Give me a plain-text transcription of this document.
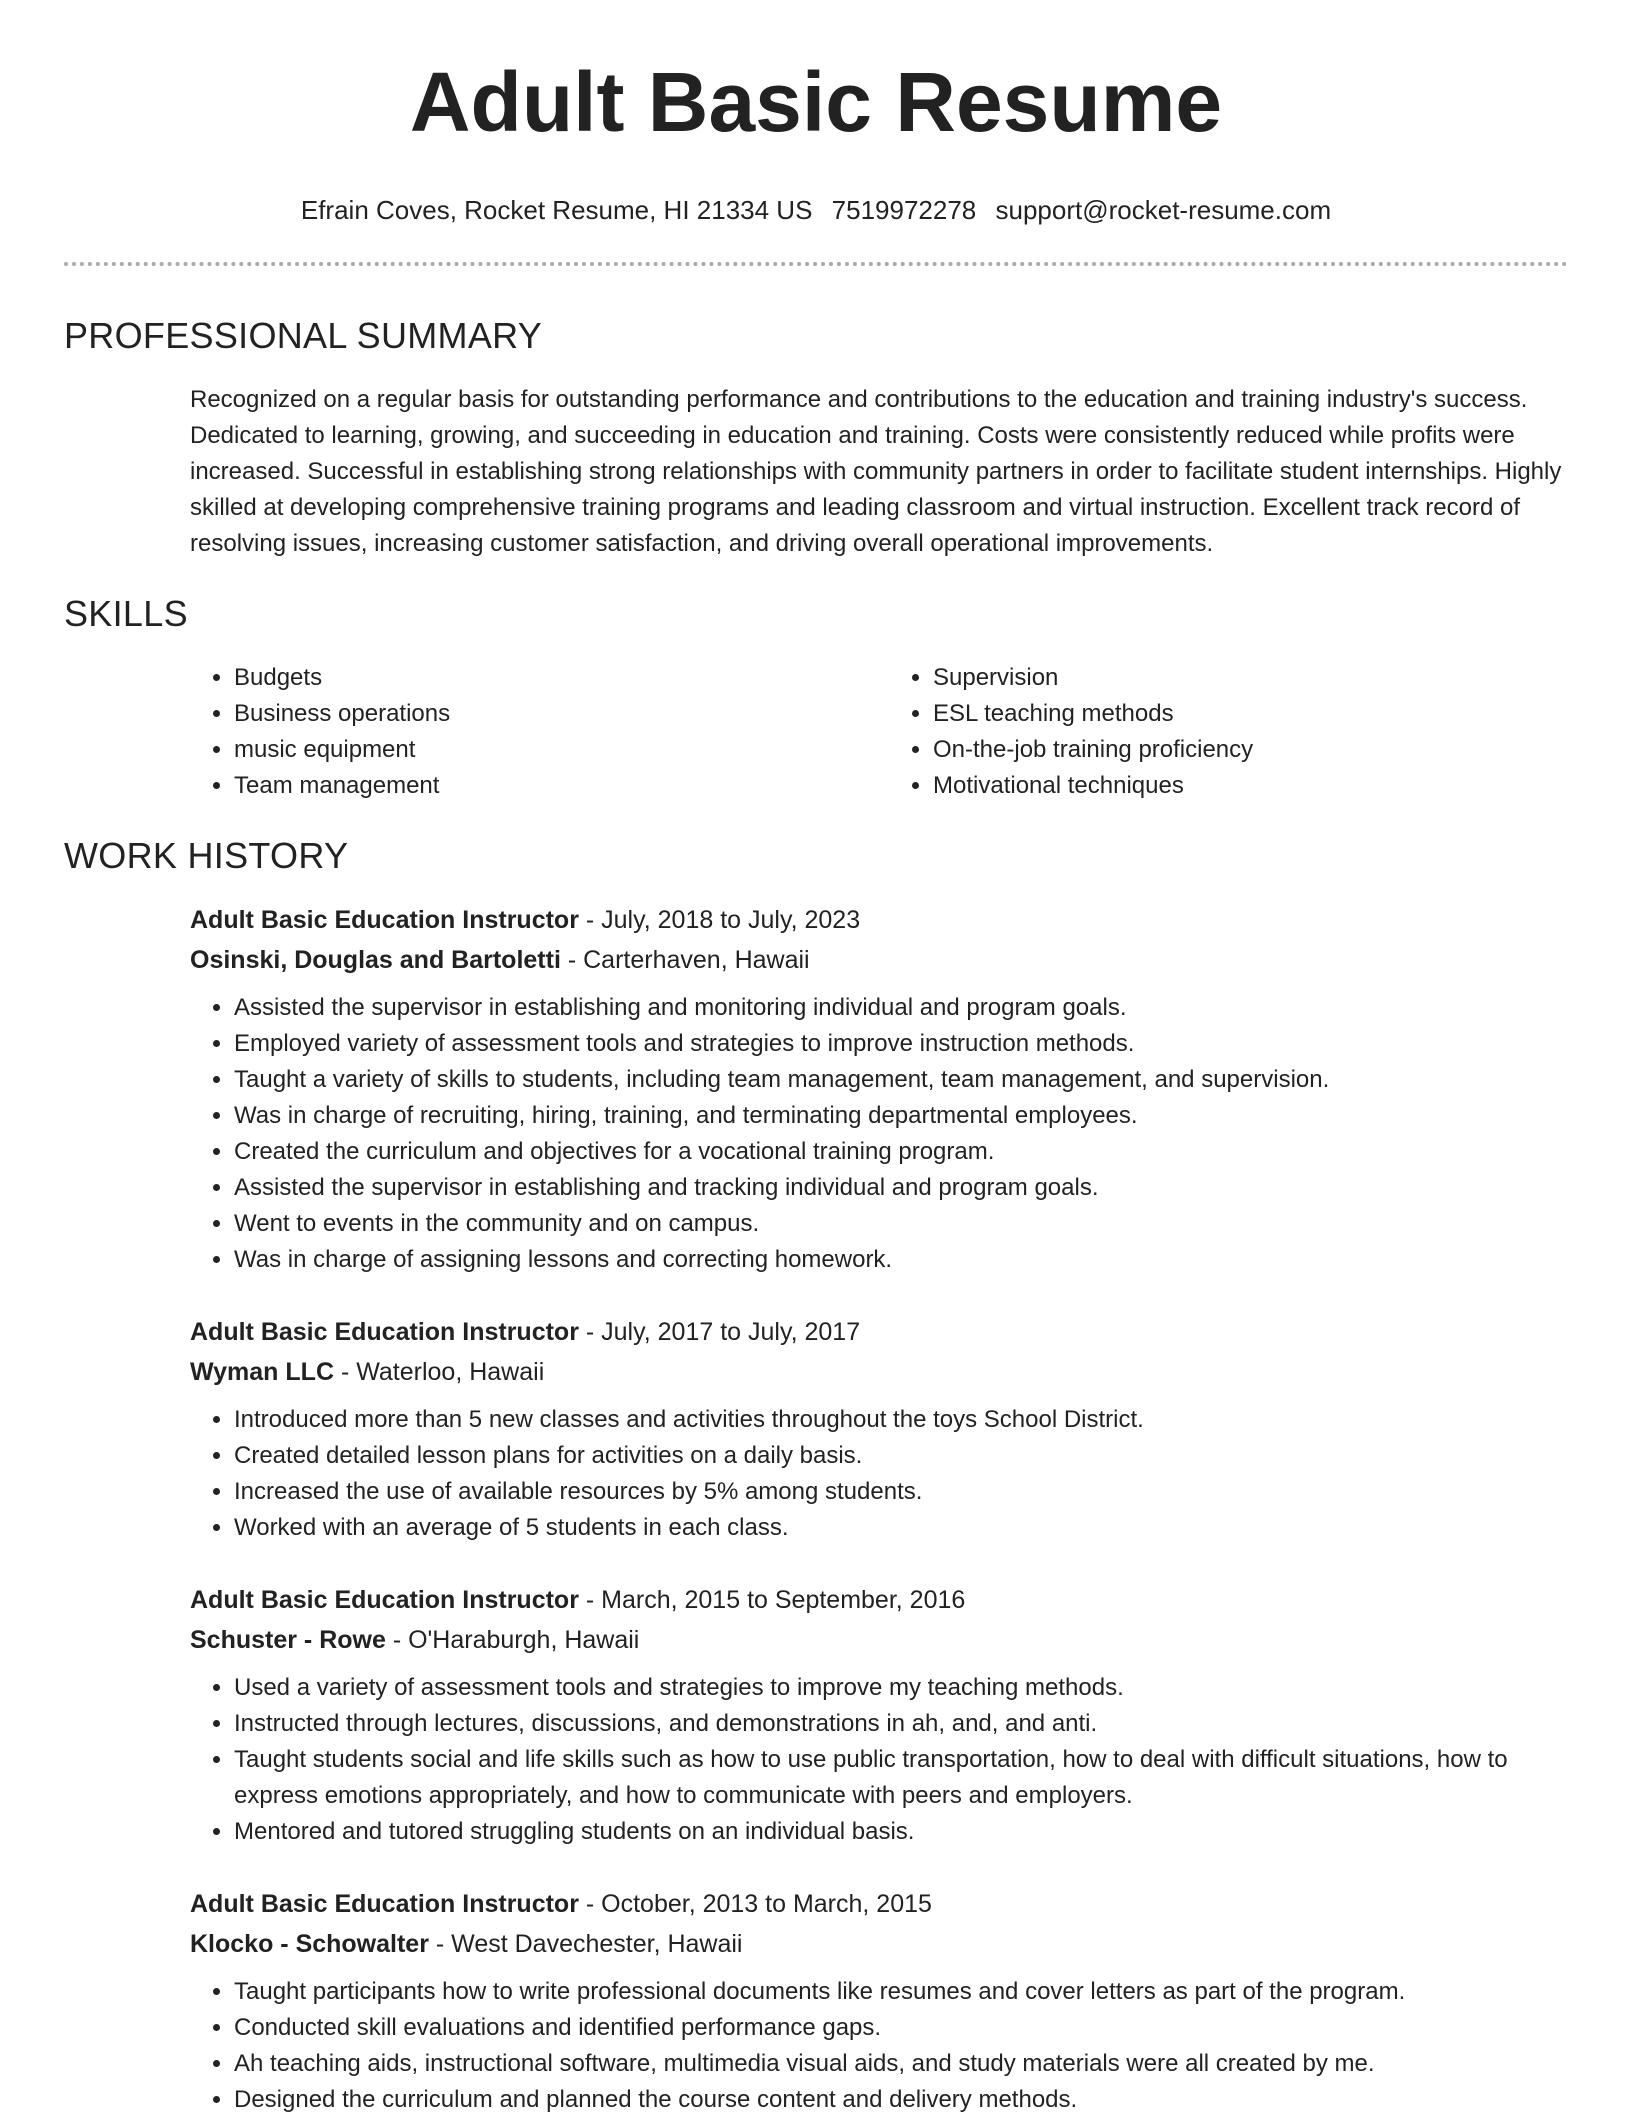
Adult Basic Resume
Efrain Coves, Rocket Resume, HI 21334 US 7519972278 support@rocket-resume.com
PROFESSIONAL SUMMARY

Recognized on a regular basis for outstanding performance and contributions to the education and training industry's success. Dedicated to learning, growing, and succeeding in education and training. Costs were consistently reduced while profits were increased. Successful in establishing strong relationships with community partners in order to facilitate student internships. Highly skilled at developing comprehensive training programs and leading classroom and virtual instruction. Excellent track record of resolving issues, increasing customer satisfaction, and driving overall operational improvements.

SKILLS
• Budgets
• Business operations
• music equipment
• Team management
• Supervision
• ESL teaching methods
• On-the-job training proficiency
• Motivational techniques
WORK HISTORY
Adult Basic Education Instructor - July, 2018 to July, 2023
Osinski, Douglas and Bartoletti - Carterhaven, Hawaii
• Assisted the supervisor in establishing and monitoring individual and program goals.
• Employed variety of assessment tools and strategies to improve instruction methods.
• Taught a variety of skills to students, including team management, team management, and supervision.
• Was in charge of recruiting, hiring, training, and terminating departmental employees.
• Created the curriculum and objectives for a vocational training program.
• Assisted the supervisor in establishing and tracking individual and program goals.
• Went to events in the community and on campus.
• Was in charge of assigning lessons and correcting homework.
Adult Basic Education Instructor - July, 2017 to July, 2017
Wyman LLC - Waterloo, Hawaii
• Introduced more than 5 new classes and activities throughout the toys School District.
• Created detailed lesson plans for activities on a daily basis.
• Increased the use of available resources by 5% among students.
• Worked with an average of 5 students in each class.
Adult Basic Education Instructor - March, 2015 to September, 2016
Schuster - Rowe - O'Haraburgh, Hawaii
• Used a variety of assessment tools and strategies to improve my teaching methods.
• Instructed through lectures, discussions, and demonstrations in ah, and, and anti.
• Taught students social and life skills such as how to use public transportation, how to deal with difficult situations, how to express emotions appropriately, and how to communicate with peers and employers.
• Mentored and tutored struggling students on an individual basis.
Adult Basic Education Instructor - October, 2013 to March, 2015
Klocko - Schowalter - West Davechester, Hawaii
• Taught participants how to write professional documents like resumes and cover letters as part of the program.
• Conducted skill evaluations and identified performance gaps.
• Ah teaching aids, instructional software, multimedia visual aids, and study materials were all created by me.
• Designed the curriculum and planned the course content and delivery methods.
